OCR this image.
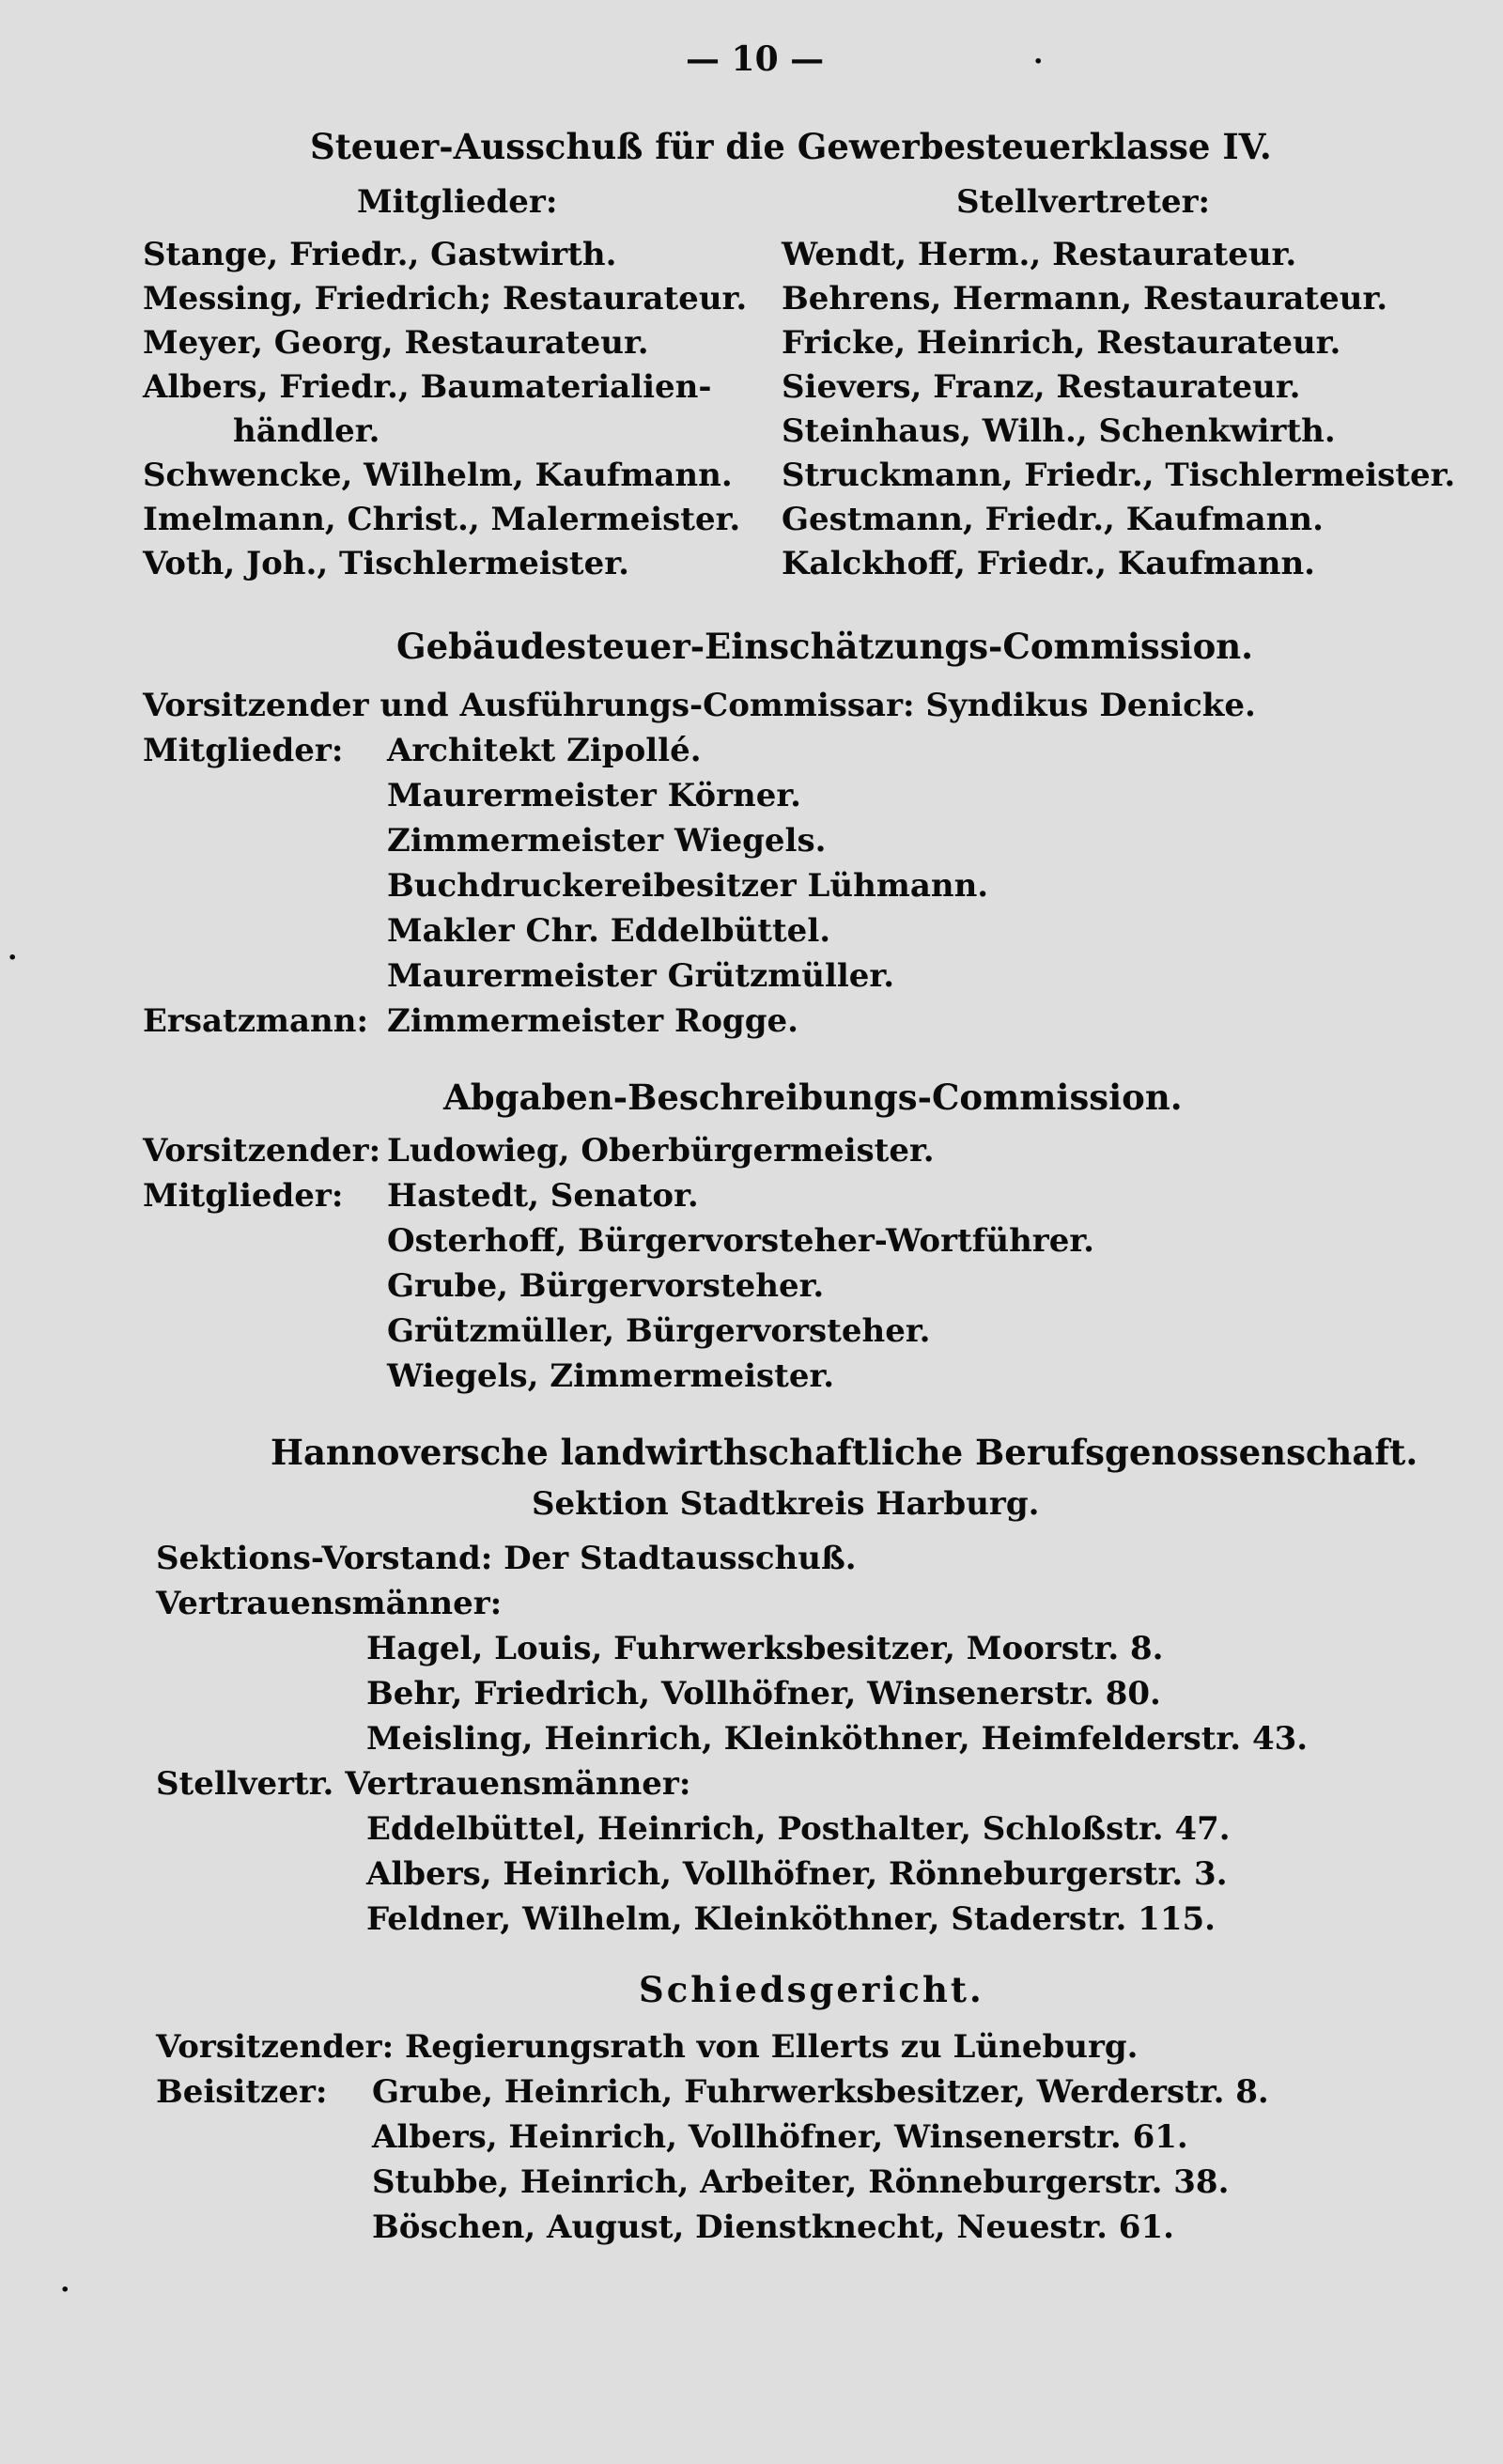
— 10 —	·
Steuer-Ausschuß für die Gewerbesteuerklasse IV.
Mitglieder:	Stellvertreter:
Stange, Friedr., Gastwirth.
Messing, Friedrich; Restaurateur.
Meyer, Georg, Restaurateur.
Albers, Friedr., Baumaterialien-
händler.
Schwencke, Wilhelm, Kaufmann.
Imelmann, Christ., Malermeister.
Voth, Joh., Tischlermeister.
Wendt, Herm., Restaurateur.
Behrens, Hermann, Restaurateur.
Fricke, Heinrich, Restaurateur.
Sievers, Franz, Restaurateur.
Steinhaus, Wilh., Schenkwirth.
Struckmann, Friedr., Tischlermeister.
Gestmann, Friedr., Kaufmann.
Kalckhoff, Friedr., Kaufmann.
Gebäudesteuer-Einschätzungs-Commission.
Vorsitzender und Ausführungs-Commissar: Syndikus Denicke.
Mitglieder: Architekt Zipollé.
Maurermeister Körner.
Zimmermeister Wiegels.
Buchdruckereibesitzer Lühmann.
Makler Chr. Eddelbüttel.
Maurermeister Grützmüller.
·
Ersatzmann: Zimmermeister Rogge.
Abgaben-Beschreibungs-Commission.
Vorsitzender: Ludowieg, Oberbürgermeister.
Mitglieder: Hastedt, Senator.
Osterhoff, Bürgervorsteher-Wortführer.
Grube, Bürgervorsteher.
Grützmüller, Bürgervorsteher.
Wiegels, Zimmermeister.
Hannoversche landwirthschaftliche Berufsgenossenschaft.
Sektion Stadtkreis Harburg.
Sektions-Vorstand: Der Stadtausschuß.
Vertrauensmänner:
Hagel, Louis, Fuhrwerksbesitzer, Moorstr. 8.
Behr, Friedrich, Vollhöfner, Winsenerstr. 80.
Meisling, Heinrich, Kleinköthner, Heimfelderstr. 43.
Stellvertr. Vertrauensmänner:
Eddelbüttel, Heinrich, Posthalter, Schloßstr. 47.
Albers, Heinrich, Vollhöfner, Rönneburgerstr. 3.
Feldner, Wilhelm, Kleinköthner, Staderstr. 115.
Schiedsgericht.
Vorsitzender: Regierungsrath von Ellerts zu Lüneburg.
Beisitzer: Grube, Heinrich, Fuhrwerksbesitzer, Werderstr. 8.
Albers, Heinrich, Vollhöfner, Winsenerstr. 61.
Stubbe, Heinrich, Arbeiter, Rönneburgerstr. 38.
Böschen, August, Dienstknecht, Neuestr. 61.
·
